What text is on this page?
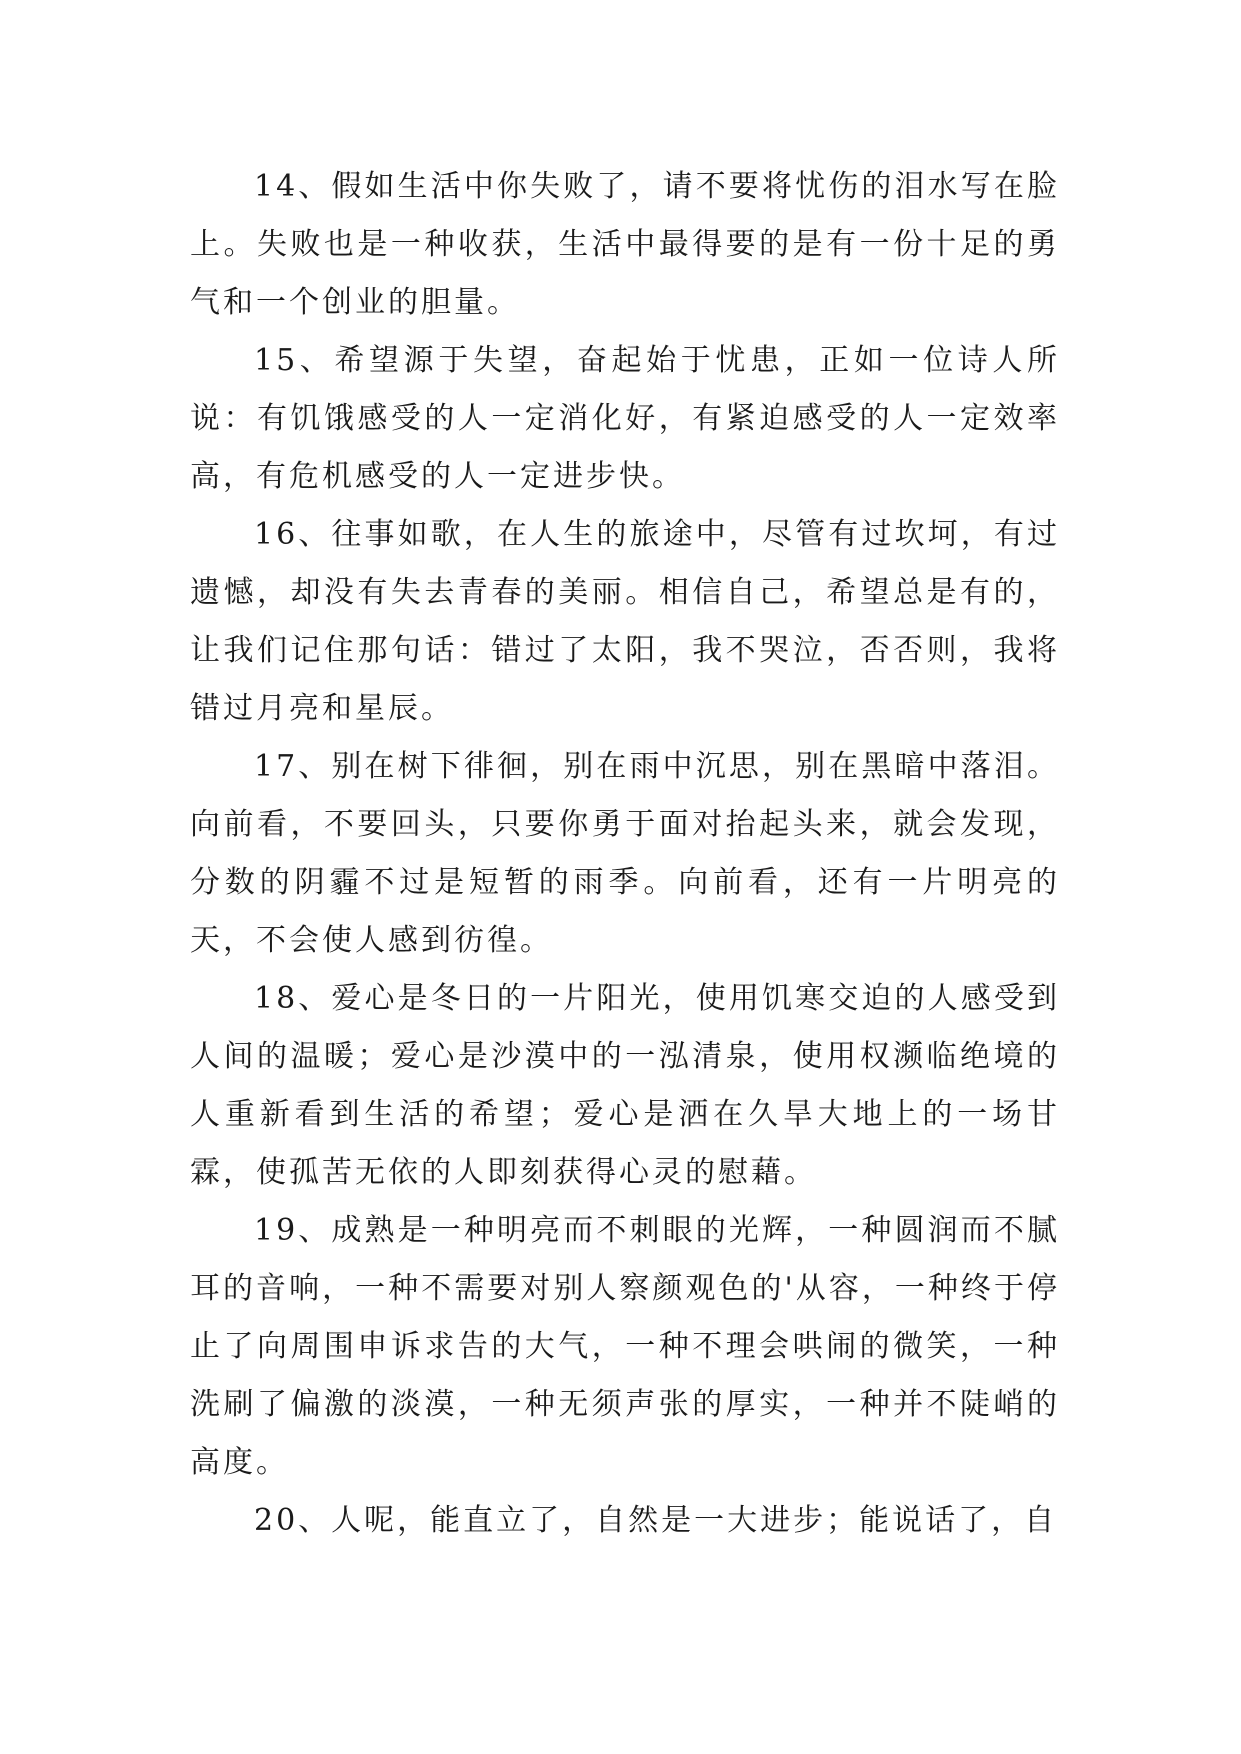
14、假如生活中你失败了，请不要将忧伤的泪水写在脸上。失败也是一种收获，生活中最得要的是有一份十足的勇气和一个创业的胆量。

15、希望源于失望，奋起始于忧患，正如一位诗人所说：有饥饿感受的人一定消化好，有紧迫感受的人一定效率高，有危机感受的人一定进步快。

16、往事如歌，在人生的旅途中，尽管有过坎坷，有过遗憾，却没有失去青春的美丽。相信自己，希望总是有的，让我们记住那句话：错过了太阳，我不哭泣，否否则，我将错过月亮和星辰。

17、别在树下徘徊，别在雨中沉思，别在黑暗中落泪。向前看，不要回头，只要你勇于面对抬起头来，就会发现，分数的阴霾不过是短暂的雨季。向前看，还有一片明亮的天，不会使人感到彷徨。

18、爱心是冬日的一片阳光，使用饥寒交迫的人感受到人间的温暖；爱心是沙漠中的一泓清泉，使用权濒临绝境的人重新看到生活的希望；爱心是洒在久旱大地上的一场甘霖，使孤苦无依的人即刻获得心灵的慰藉。

19、成熟是一种明亮而不刺眼的光辉，一种圆润而不腻耳的音响，一种不需要对别人察颜观色的'从容，一种终于停止了向周围申诉求告的大气，一种不理会哄闹的微笑，一种洗刷了偏激的淡漠，一种无须声张的厚实，一种并不陡峭的高度。

20、人呢，能直立了，自然是一大进步；能说话了，自
